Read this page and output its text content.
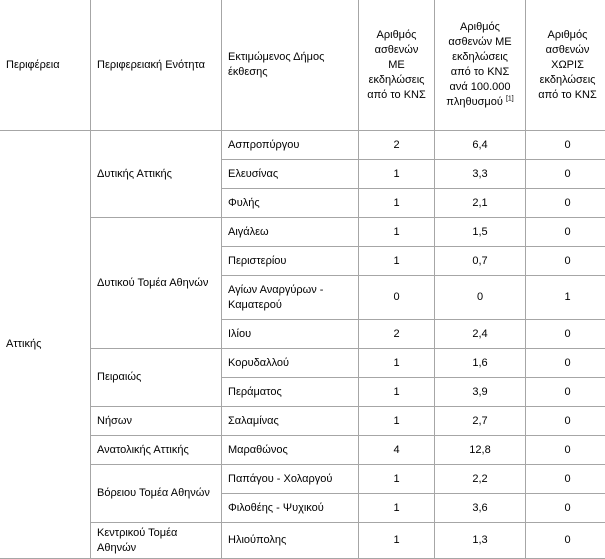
Περιφέρεια	Περιφερειακή Ενότητα	Εκτιμώμενος Δήμος έκθεσης	Αριθμός ασθενών ΜΕ εκδηλώσεις από το ΚΝΣ	Αριθμός ασθενών ΜΕ εκδηλώσεις από το ΚΝΣ ανά 100.000 πληθυσμού [1]	Αριθμός ασθενών ΧΩΡΙΣ εκδηλώσεις από το ΚΝΣ
Αττικής	Δυτικής Αττικής	Ασπροπύργου	2	6,4	0
		Ελευσίνας	1	3,3	0
		Φυλής	1	2,1	0
	Δυτικού Τομέα Αθηνών	Αιγάλεω	1	1,5	0
		Περιστερίου	1	0,7	0
		Αγίων Αναργύρων - Καματερού	0	0	1
		Ιλίου	2	2,4	0
	Πειραιώς	Κορυδαλλού	1	1,6	0
		Περάματος	1	3,9	0
	Νήσων	Σαλαμίνας	1	2,7	0
	Ανατολικής Αττικής	Μαραθώνος	4	12,8	0
	Βόρειου Τομέα Αθηνών	Παπάγου - Χολαργού	1	2,2	0
		Φιλοθέης - Ψυχικού	1	3,6	0
	Κεντρικού Τομέα Αθηνών	Ηλιούπολης	1	1,3	0
